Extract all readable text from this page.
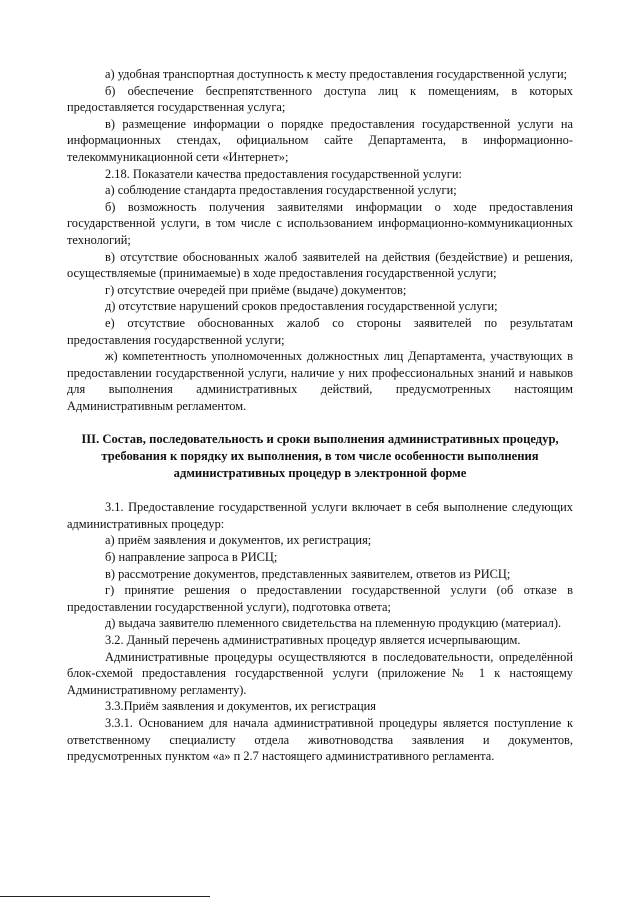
а) удобная транспортная доступность к месту предоставления государственной услуги;

б) обеспечение беспрепятственного доступа лиц к помещениям, в которых предоставляется государственная услуга;

в) размещение информации о порядке предоставления государственной услуги на информационных стендах, официальном сайте Департамента, в информационно-телекоммуникационной сети «Интернет»;

2.18. Показатели качества предоставления государственной услуги:

а) соблюдение стандарта предоставления государственной услуги;

б) возможность получения заявителями информации о ходе предоставления государственной услуги, в том числе с использованием информационно-коммуникационных технологий;

в) отсутствие обоснованных жалоб заявителей на действия (бездействие) и решения, осуществляемые (принимаемые) в ходе предоставления государственной услуги;

г) отсутствие очередей при приёме (выдаче) документов;

д) отсутствие нарушений сроков предоставления государственной услуги;

е) отсутствие обоснованных жалоб со стороны заявителей по результатам предоставления государственной услуги;

ж) компетентность уполномоченных должностных лиц Департамента, участвующих в предоставлении государственной услуги, наличие у них профессиональных знаний и навыков для выполнения административных действий, предусмотренных настоящим Административным регламентом.

III. Состав, последовательность и сроки выполнения административных процедур, требования к порядку их выполнения, в том числе особенности выполнения административных процедур в электронной форме

3.1. Предоставление государственной услуги включает в себя выполнение следующих административных процедур:

а) приём заявления и документов, их регистрация;

б) направление запроса в РИСЦ;

в) рассмотрение документов, представленных заявителем, ответов из РИСЦ;

г) принятие решения о предоставлении государственной услуги (об отказе в предоставлении государственной услуги), подготовка ответа;

д) выдача заявителю племенного свидетельства на племенную продукцию (материал).

3.2. Данный перечень административных процедур является исчерпывающим.

Административные процедуры осуществляются в последовательности, определённой блок-схемой предоставления государственной услуги (приложение№ 1 к настоящему Административному регламенту).

3.3.Приём заявления и документов, их регистрация

3.3.1. Основанием для начала административной процедуры является поступление к ответственному специалисту отдела животноводства заявления и документов, предусмотренных пунктом «а» п 2.7 настоящего административного регламента.
